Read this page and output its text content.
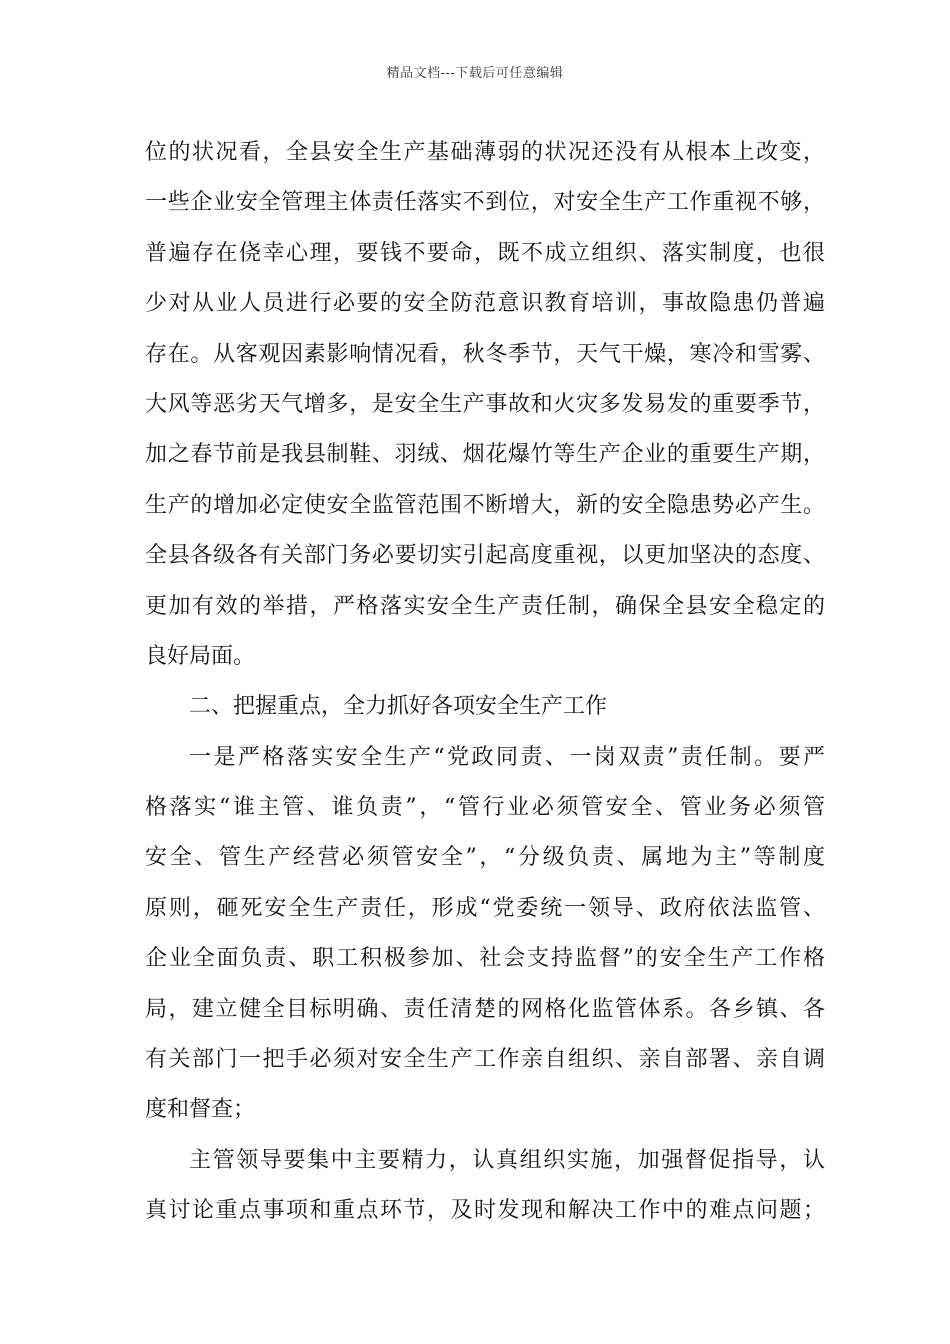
精品文档---下载后可任意编辑
位的状况看，全县安全生产基础薄弱的状况还没有从根本上改变，
一些企业安全管理主体责任落实不到位，对安全生产工作重视不够，
普遍存在侥幸心理，要钱不要命，既不成立组织、落实制度，也很
少对从业人员进行必要的安全防范意识教育培训，事故隐患仍普遍
存在。从客观因素影响情况看，秋冬季节，天气干燥，寒冷和雪雾、
大风等恶劣天气增多，是安全生产事故和火灾多发易发的重要季节，
加之春节前是我县制鞋、羽绒、烟花爆竹等生产企业的重要生产期，
生产的增加必定使安全监管范围不断增大，新的安全隐患势必产生。
全县各级各有关部门务必要切实引起高度重视，以更加坚决的态度、
更加有效的举措，严格落实安全生产责任制，确保全县安全稳定的
良好局面。
二、把握重点，全力抓好各项安全生产工作
一是严格落实安全生产“党政同责、一岗双责”责任制。要严
格落实“谁主管、谁负责”，“管行业必须管安全、管业务必须管
安全、管生产经营必须管安全”，“分级负责、属地为主”等制度
原则，砸死安全生产责任，形成“党委统一领导、政府依法监管、
企业全面负责、职工积极参加、社会支持监督”的安全生产工作格
局，建立健全目标明确、责任清楚的网格化监管体系。各乡镇、各
有关部门一把手必须对安全生产工作亲自组织、亲自部署、亲自调
度和督查；
主管领导要集中主要精力，认真组织实施，加强督促指导，认
真讨论重点事项和重点环节，及时发现和解决工作中的难点问题；
